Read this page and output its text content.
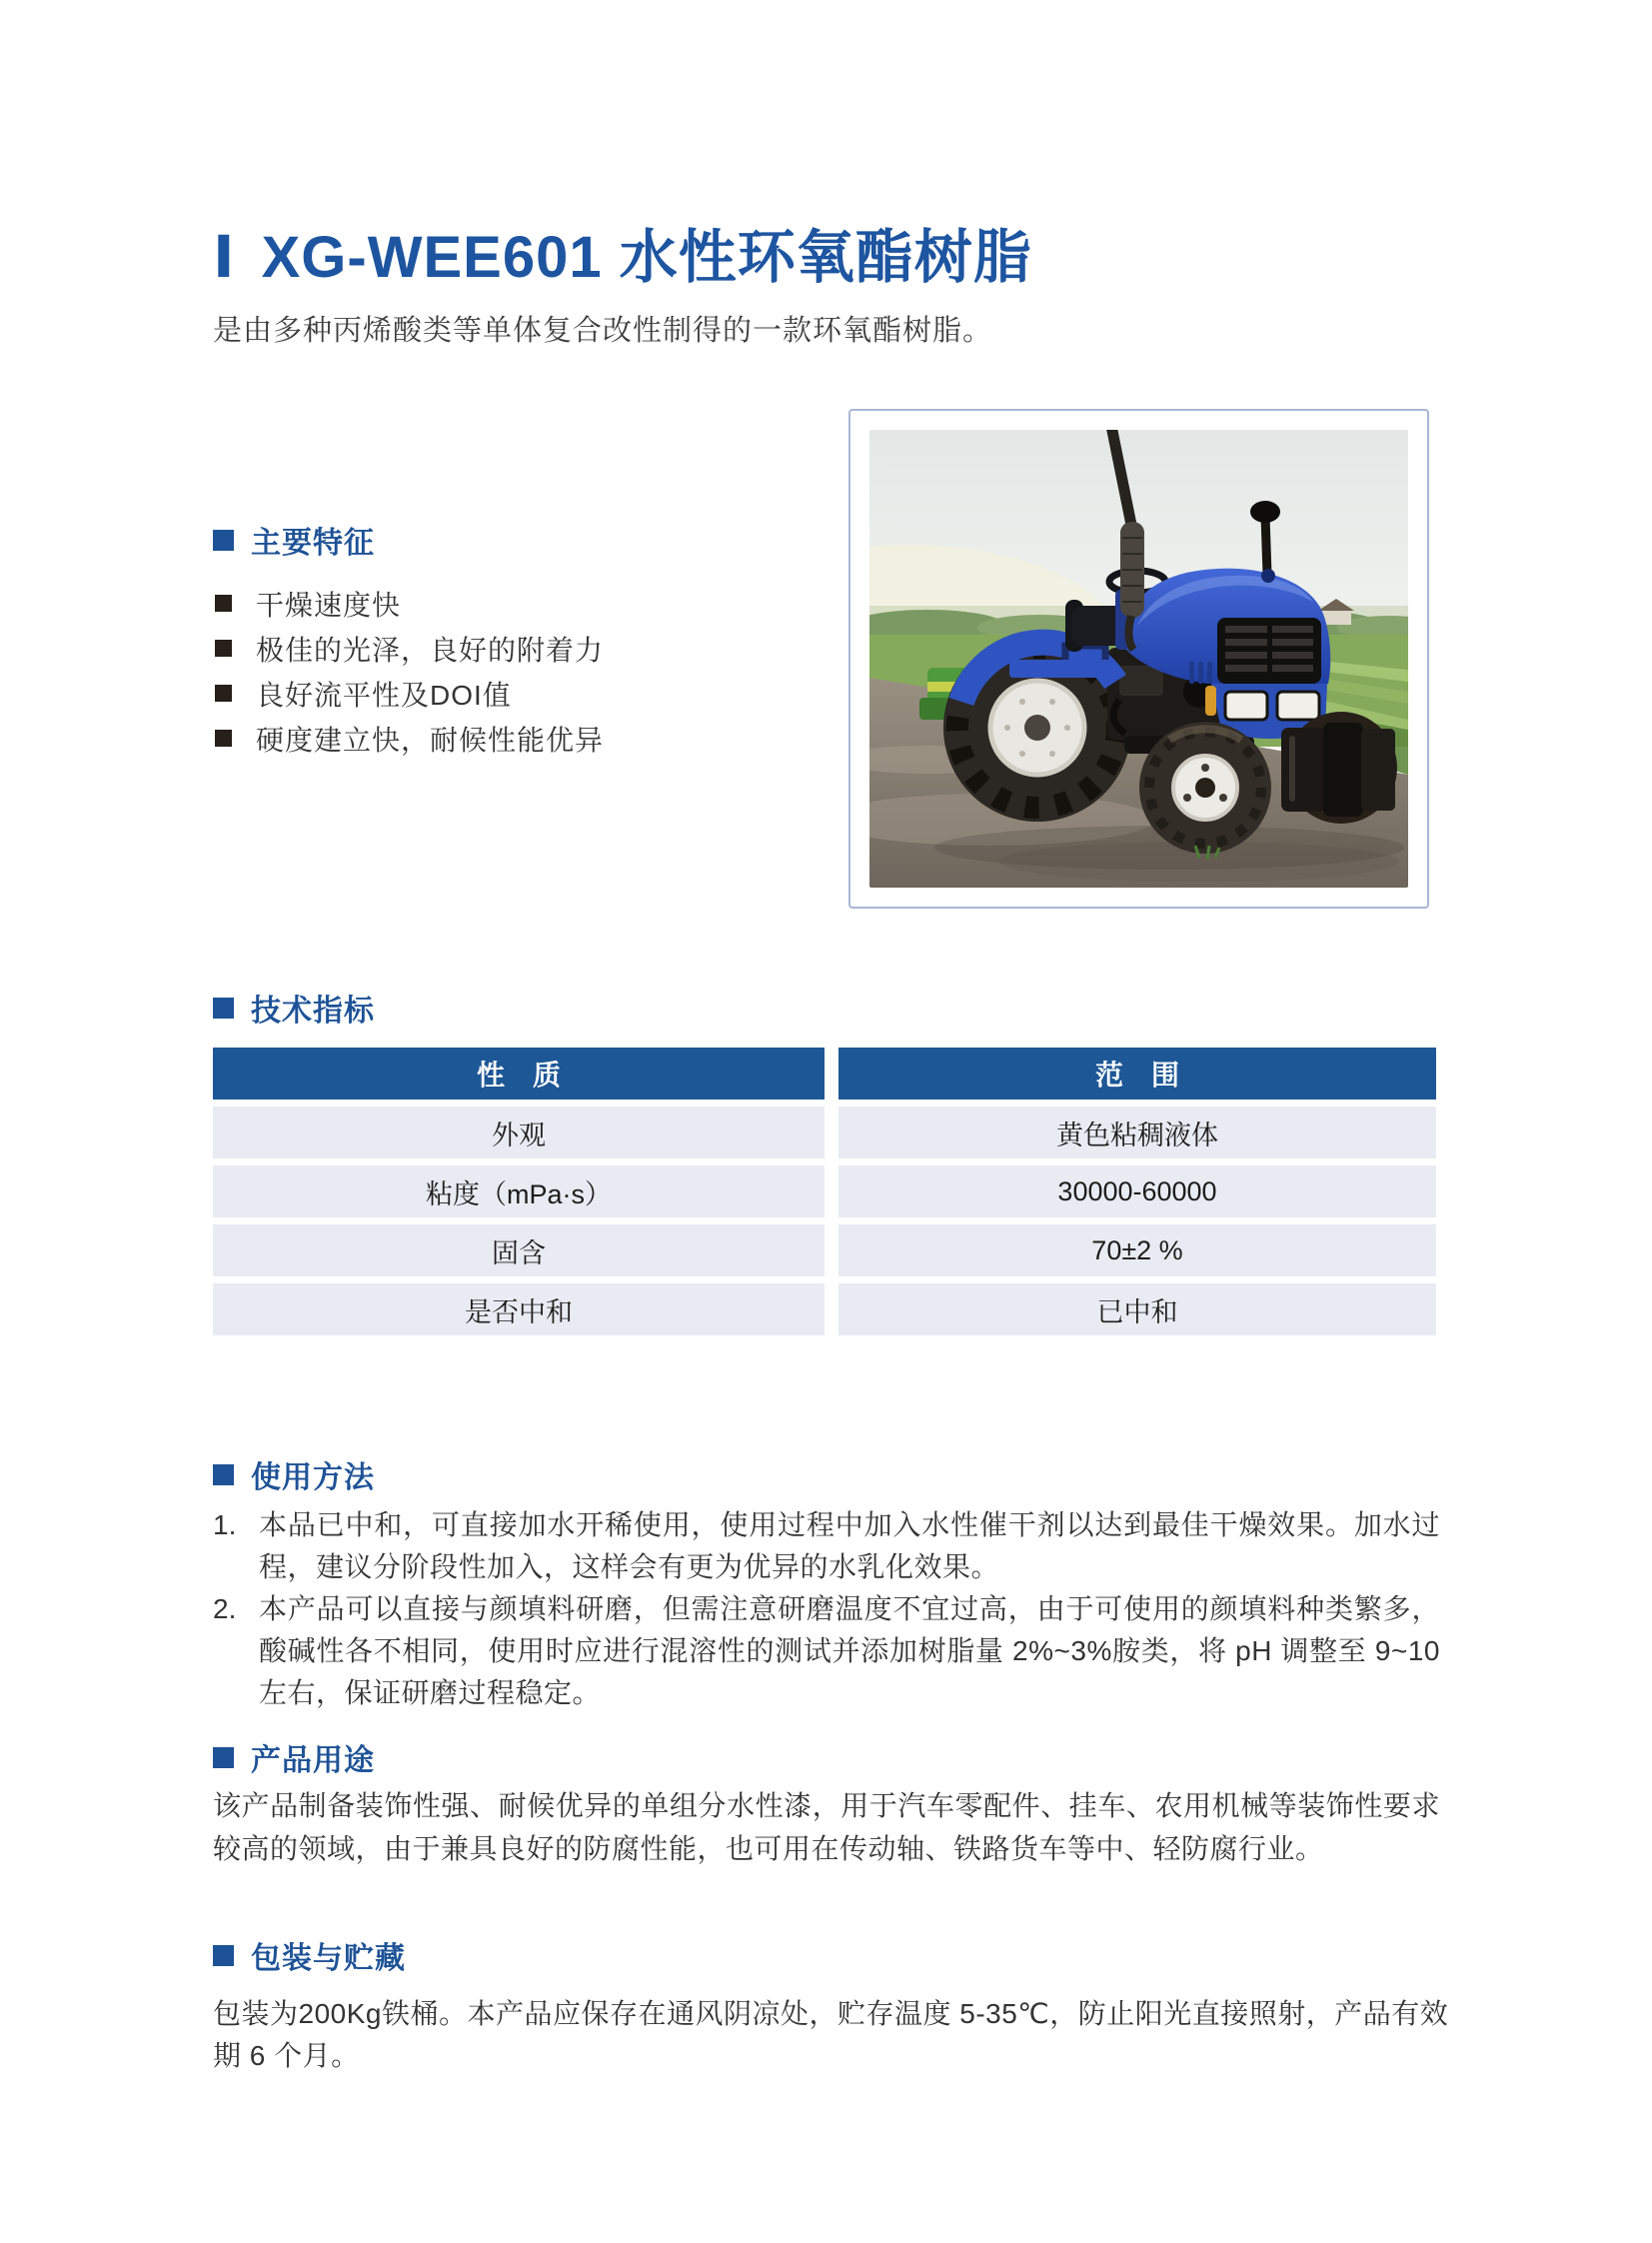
Ⅰ XG-WEE601 水性环氧酯树脂

是由多种丙烯酸类等单体复合改性制得的一款环氧酯树脂。

主要特征
干燥速度快
极佳的光泽，良好的附着力
良好流平性及DOI值
硬度建立快，耐候性能优异
技术指标
性　质	范　围
外观	黄色粘稠液体
粘度（mPa·s）	30000-60000
固含	70±2 %
是否中和	已中和
使用方法
1. 本品已中和，可直接加水开稀使用，使用过程中加入水性催干剂以达到最佳干燥效果。加水过程，建议分阶段性加入，这样会有更为优异的水乳化效果。
2. 本产品可以直接与颜填料研磨，但需注意研磨温度不宜过高，由于可使用的颜填料种类繁多，酸碱性各不相同，使用时应进行混溶性的测试并添加树脂量 2%~3%胺类，将 pH 调整至 9~10 左右，保证研磨过程稳定。
产品用途

该产品制备装饰性强、耐候优异的单组分水性漆，用于汽车零配件、挂车、农用机械等装饰性要求较高的领域，由于兼具良好的防腐性能，也可用在传动轴、铁路货车等中、轻防腐行业。

包装与贮藏

包装为200Kg铁桶。本产品应保存在通风阴凉处，贮存温度 5-35℃，防止阳光直接照射，产品有效期 6 个月。
